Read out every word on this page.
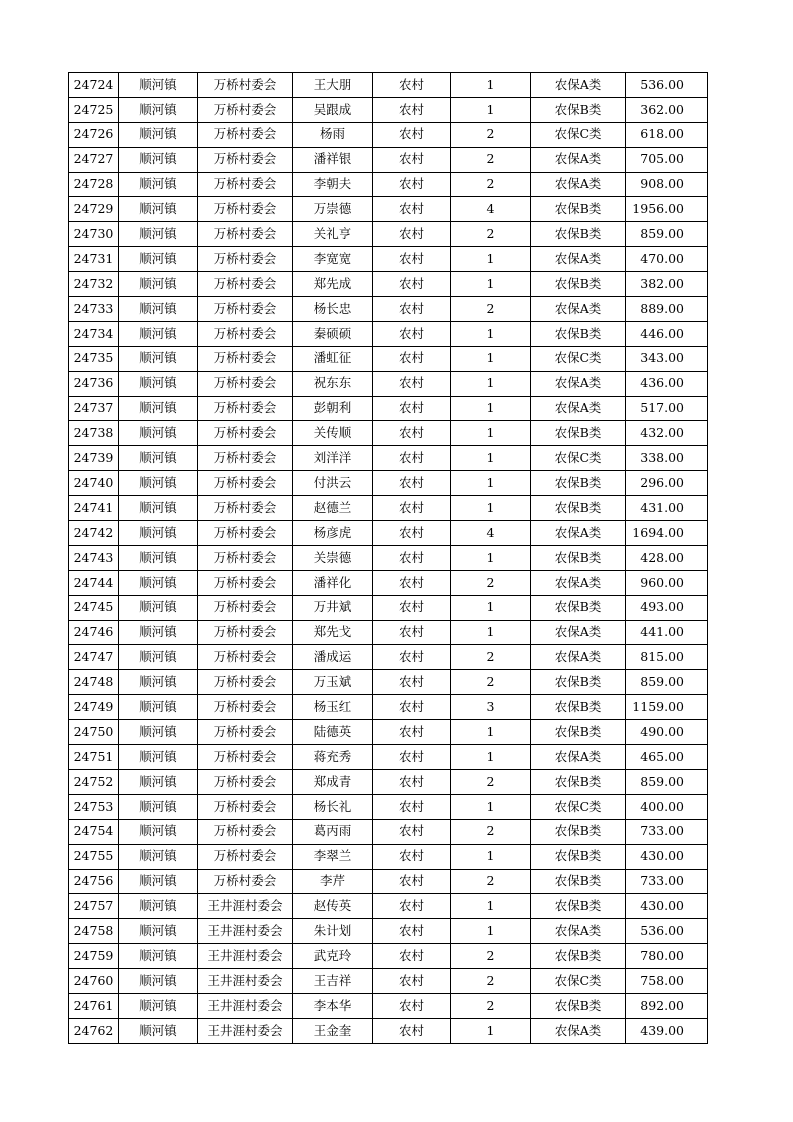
24724	顺河镇	万桥村委会	王大朋	农村	1	农保A类	536.00
24725	顺河镇	万桥村委会	吴跟成	农村	1	农保B类	362.00
24726	顺河镇	万桥村委会	杨雨	农村	2	农保C类	618.00
24727	顺河镇	万桥村委会	潘祥银	农村	2	农保A类	705.00
24728	顺河镇	万桥村委会	李朝夫	农村	2	农保A类	908.00
24729	顺河镇	万桥村委会	万崇德	农村	4	农保B类	1956.00
24730	顺河镇	万桥村委会	关礼亨	农村	2	农保B类	859.00
24731	顺河镇	万桥村委会	李宽宽	农村	1	农保A类	470.00
24732	顺河镇	万桥村委会	郑先成	农村	1	农保B类	382.00
24733	顺河镇	万桥村委会	杨长忠	农村	2	农保A类	889.00
24734	顺河镇	万桥村委会	秦硕硕	农村	1	农保B类	446.00
24735	顺河镇	万桥村委会	潘虹征	农村	1	农保C类	343.00
24736	顺河镇	万桥村委会	祝东东	农村	1	农保A类	436.00
24737	顺河镇	万桥村委会	彭朝利	农村	1	农保A类	517.00
24738	顺河镇	万桥村委会	关传顺	农村	1	农保B类	432.00
24739	顺河镇	万桥村委会	刘洋洋	农村	1	农保C类	338.00
24740	顺河镇	万桥村委会	付洪云	农村	1	农保B类	296.00
24741	顺河镇	万桥村委会	赵德兰	农村	1	农保B类	431.00
24742	顺河镇	万桥村委会	杨彦虎	农村	4	农保A类	1694.00
24743	顺河镇	万桥村委会	关崇德	农村	1	农保B类	428.00
24744	顺河镇	万桥村委会	潘祥化	农村	2	农保A类	960.00
24745	顺河镇	万桥村委会	万井斌	农村	1	农保B类	493.00
24746	顺河镇	万桥村委会	郑先戈	农村	1	农保A类	441.00
24747	顺河镇	万桥村委会	潘成运	农村	2	农保A类	815.00
24748	顺河镇	万桥村委会	万玉斌	农村	2	农保B类	859.00
24749	顺河镇	万桥村委会	杨玉红	农村	3	农保B类	1159.00
24750	顺河镇	万桥村委会	陆德英	农村	1	农保B类	490.00
24751	顺河镇	万桥村委会	蒋充秀	农村	1	农保A类	465.00
24752	顺河镇	万桥村委会	郑成青	农村	2	农保B类	859.00
24753	顺河镇	万桥村委会	杨长礼	农村	1	农保C类	400.00
24754	顺河镇	万桥村委会	葛丙雨	农村	2	农保B类	733.00
24755	顺河镇	万桥村委会	李翠兰	农村	1	农保B类	430.00
24756	顺河镇	万桥村委会	李芹	农村	2	农保B类	733.00
24757	顺河镇	王井涯村委会	赵传英	农村	1	农保B类	430.00
24758	顺河镇	王井涯村委会	朱计划	农村	1	农保A类	536.00
24759	顺河镇	王井涯村委会	武克玲	农村	2	农保B类	780.00
24760	顺河镇	王井涯村委会	王吉祥	农村	2	农保C类	758.00
24761	顺河镇	王井涯村委会	李本华	农村	2	农保B类	892.00
24762	顺河镇	王井涯村委会	王金奎	农村	1	农保A类	439.00
